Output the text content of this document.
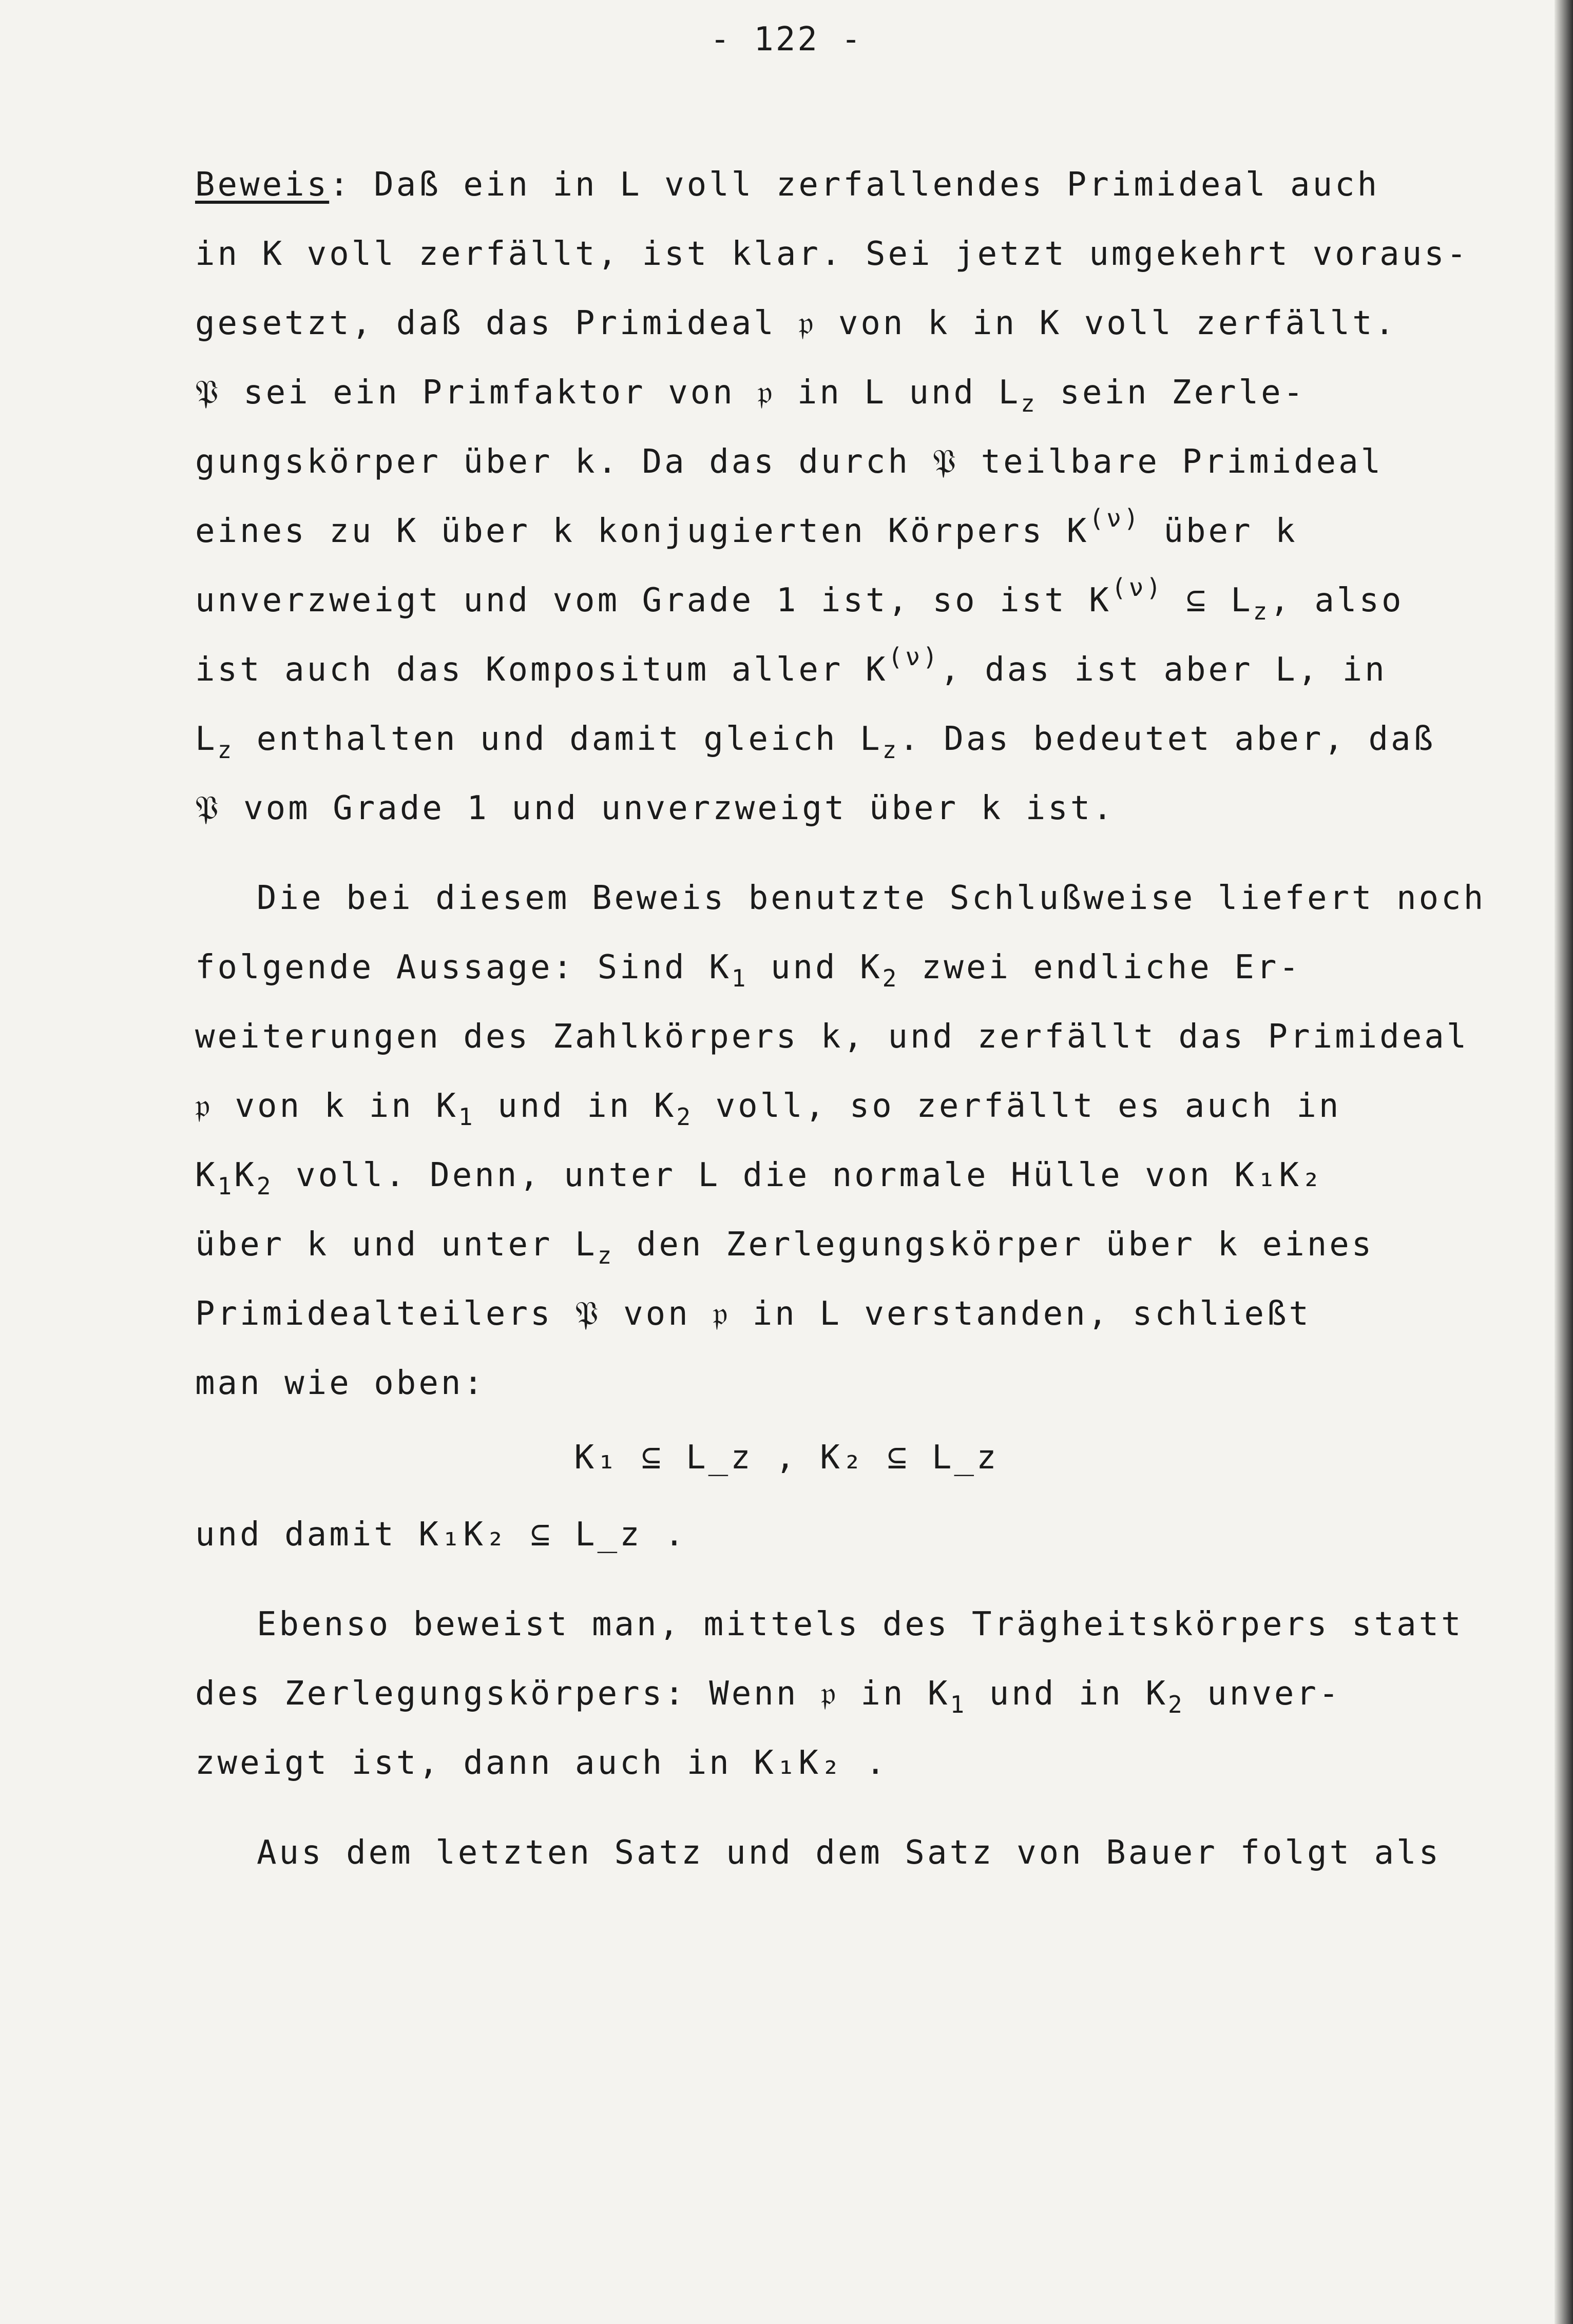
- 122 -
Beweis: Daß ein in L voll zerfallendes Primideal auch
in K voll zerfällt, ist klar. Sei jetzt umgekehrt voraus-
gesetzt, daß das Primideal 𝔭 von k in K voll zerfällt.
𝔓 sei ein Primfaktor von 𝔭 in L und $L_z$ sein Zerle-
gungskörper über k. Da das durch 𝔓 teilbare Primideal
eines zu K über k konjugierten Körpers $K^{(\nu)}$ über k
unverzweigt und vom Grade 1 ist, so ist $K^{(\nu)}$ ⊆ $L_z$, also
ist auch das Kompositum aller $K^{(\nu)}$, das ist aber L, in
$L_z$ enthalten und damit gleich $L_z$. Das bedeutet aber, daß
𝔓 vom Grade 1 und unverzweigt über k ist.
Die bei diesem Beweis benutzte Schlußweise liefert noch
folgende Aussage: Sind $K_1$ und $K_2$ zwei endliche Er-
weiterungen des Zahlkörpers k, und zerfällt das Primideal
𝔭 von k in $K_1$ und in $K_2$ voll, so zerfällt es auch in
$K_1K_2$ voll. Denn, unter L die normale Hülle von K₁K₂
über k und unter $L_z$ den Zerlegungskörper über k eines
Primidealteilers 𝔓 von 𝔭 in L verstanden, schließt
man wie oben:
K₁ ⊆ L_z , K₂ ⊆ L_z
und damit K₁K₂ ⊆ L_z .
Ebenso beweist man, mittels des Trägheitskörpers statt
des Zerlegungskörpers: Wenn 𝔭 in $K_1$ und in $K_2$ unver-
zweigt ist, dann auch in K₁K₂ .
Aus dem letzten Satz und dem Satz von Bauer folgt als
